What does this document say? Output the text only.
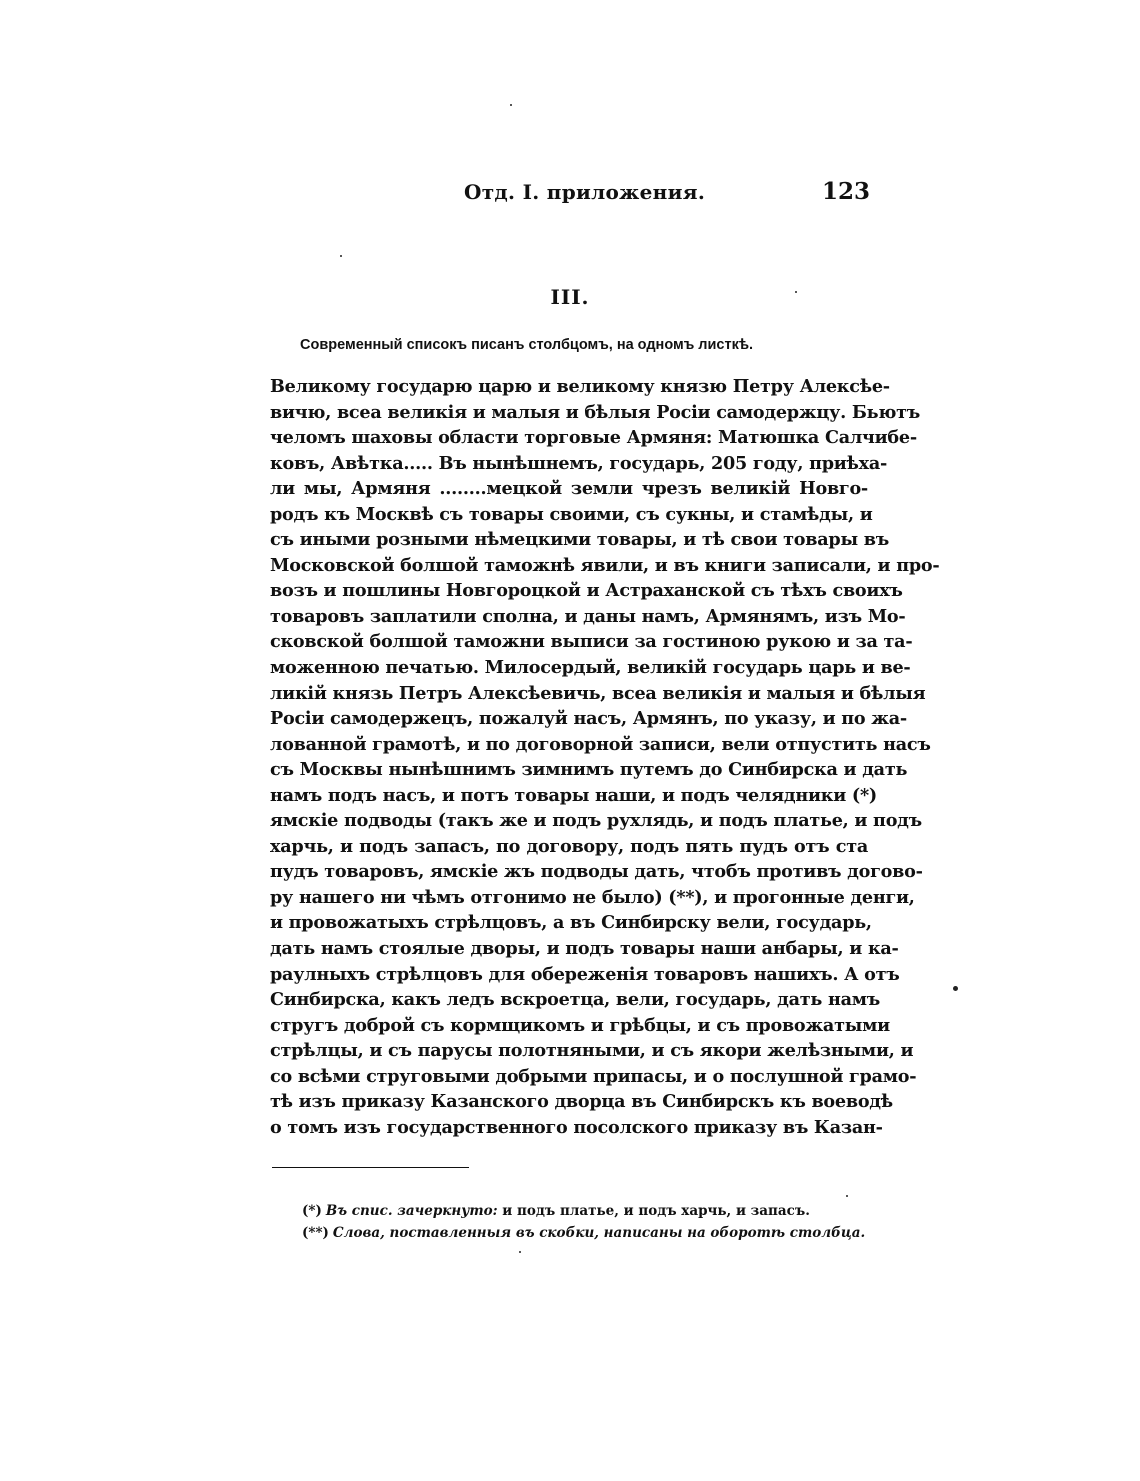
Отд. I. приложения.	123
III.
Современный списокъ писанъ столбцомъ, на одномъ листкѣ.
Великому государю царю и великому князю Петру Алексѣе-
вичю, всеа великія и малыя и бѣлыя Росіи самодержцу. Бьютъ
челомъ шаховы области торговые Армяня: Матюшка Салчибе-
ковъ, Авѣтка..... Въ нынѣшнемъ, государь, 205 году, приѣха-
ли мы, Армяня ........мецкой земли чрезъ великій Новго-
родъ къ Москвѣ съ товары своими, съ сукны, и стамѣды, и
съ иными розными нѣмецкими товары, и тѣ свои товары въ
Московской болшой таможнѣ явили, и въ книги записали, и про-
возъ и пошлины Новгороцкой и Астраханской съ тѣхъ своихъ
товаровъ заплатили сполна, и даны намъ, Армянямъ, изъ Мо-
сковской болшой таможни выписи за гостиною рукою и за та-
моженною печатью. Милосердый, великій государь царь и ве-
ликій князь Петръ Алексѣевичь, всеа великія и малыя и бѣлыя
Росіи самодержецъ, пожалуй насъ, Армянъ, по указу, и по жа-
лованной грамотѣ, и по договорной записи, вели отпустить насъ
съ Москвы нынѣшнимъ зимнимъ путемъ до Синбирска и дать
намъ подъ насъ, и потъ товары наши, и подъ челядники (*)
ямскіе подводы (такъ же и подъ рухлядь, и подъ платье, и подъ
харчь, и подъ запасъ, по договору, подъ пять пудъ отъ ста
пудъ товаровъ, ямскіе жъ подводы дать, чтобъ противъ догово-
ру нашего ни чѣмъ отгонимо не было) (**), и прогонные денги,
и провожатыхъ стрѣлцовъ, а въ Синбирску вели, государь,
дать намъ стоялые дворы, и подъ товары наши анбары, и ка-
раулныхъ стрѣлцовъ для обереженія товаровъ нашихъ. А отъ
Синбирска, какъ ледъ вскроетца, вели, государь, дать намъ
стругъ доброй съ кормщикомъ и грѣбцы, и съ провожатыми
стрѣлцы, и съ парусы полотняными, и съ якори желѣзными, и
со всѣми струговыми добрыми припасы, и о послушной грамо-
тѣ изъ приказу Казанского дворца въ Синбирскъ къ воеводѣ
о томъ изъ государственного посолского приказу въ Казан-
(*) Въ спис. зачеркнуто: и подъ платье, и подъ харчь, и запасъ.
(**) Слова, поставленныя въ скобки, написаны на оборотѣ столбца.
